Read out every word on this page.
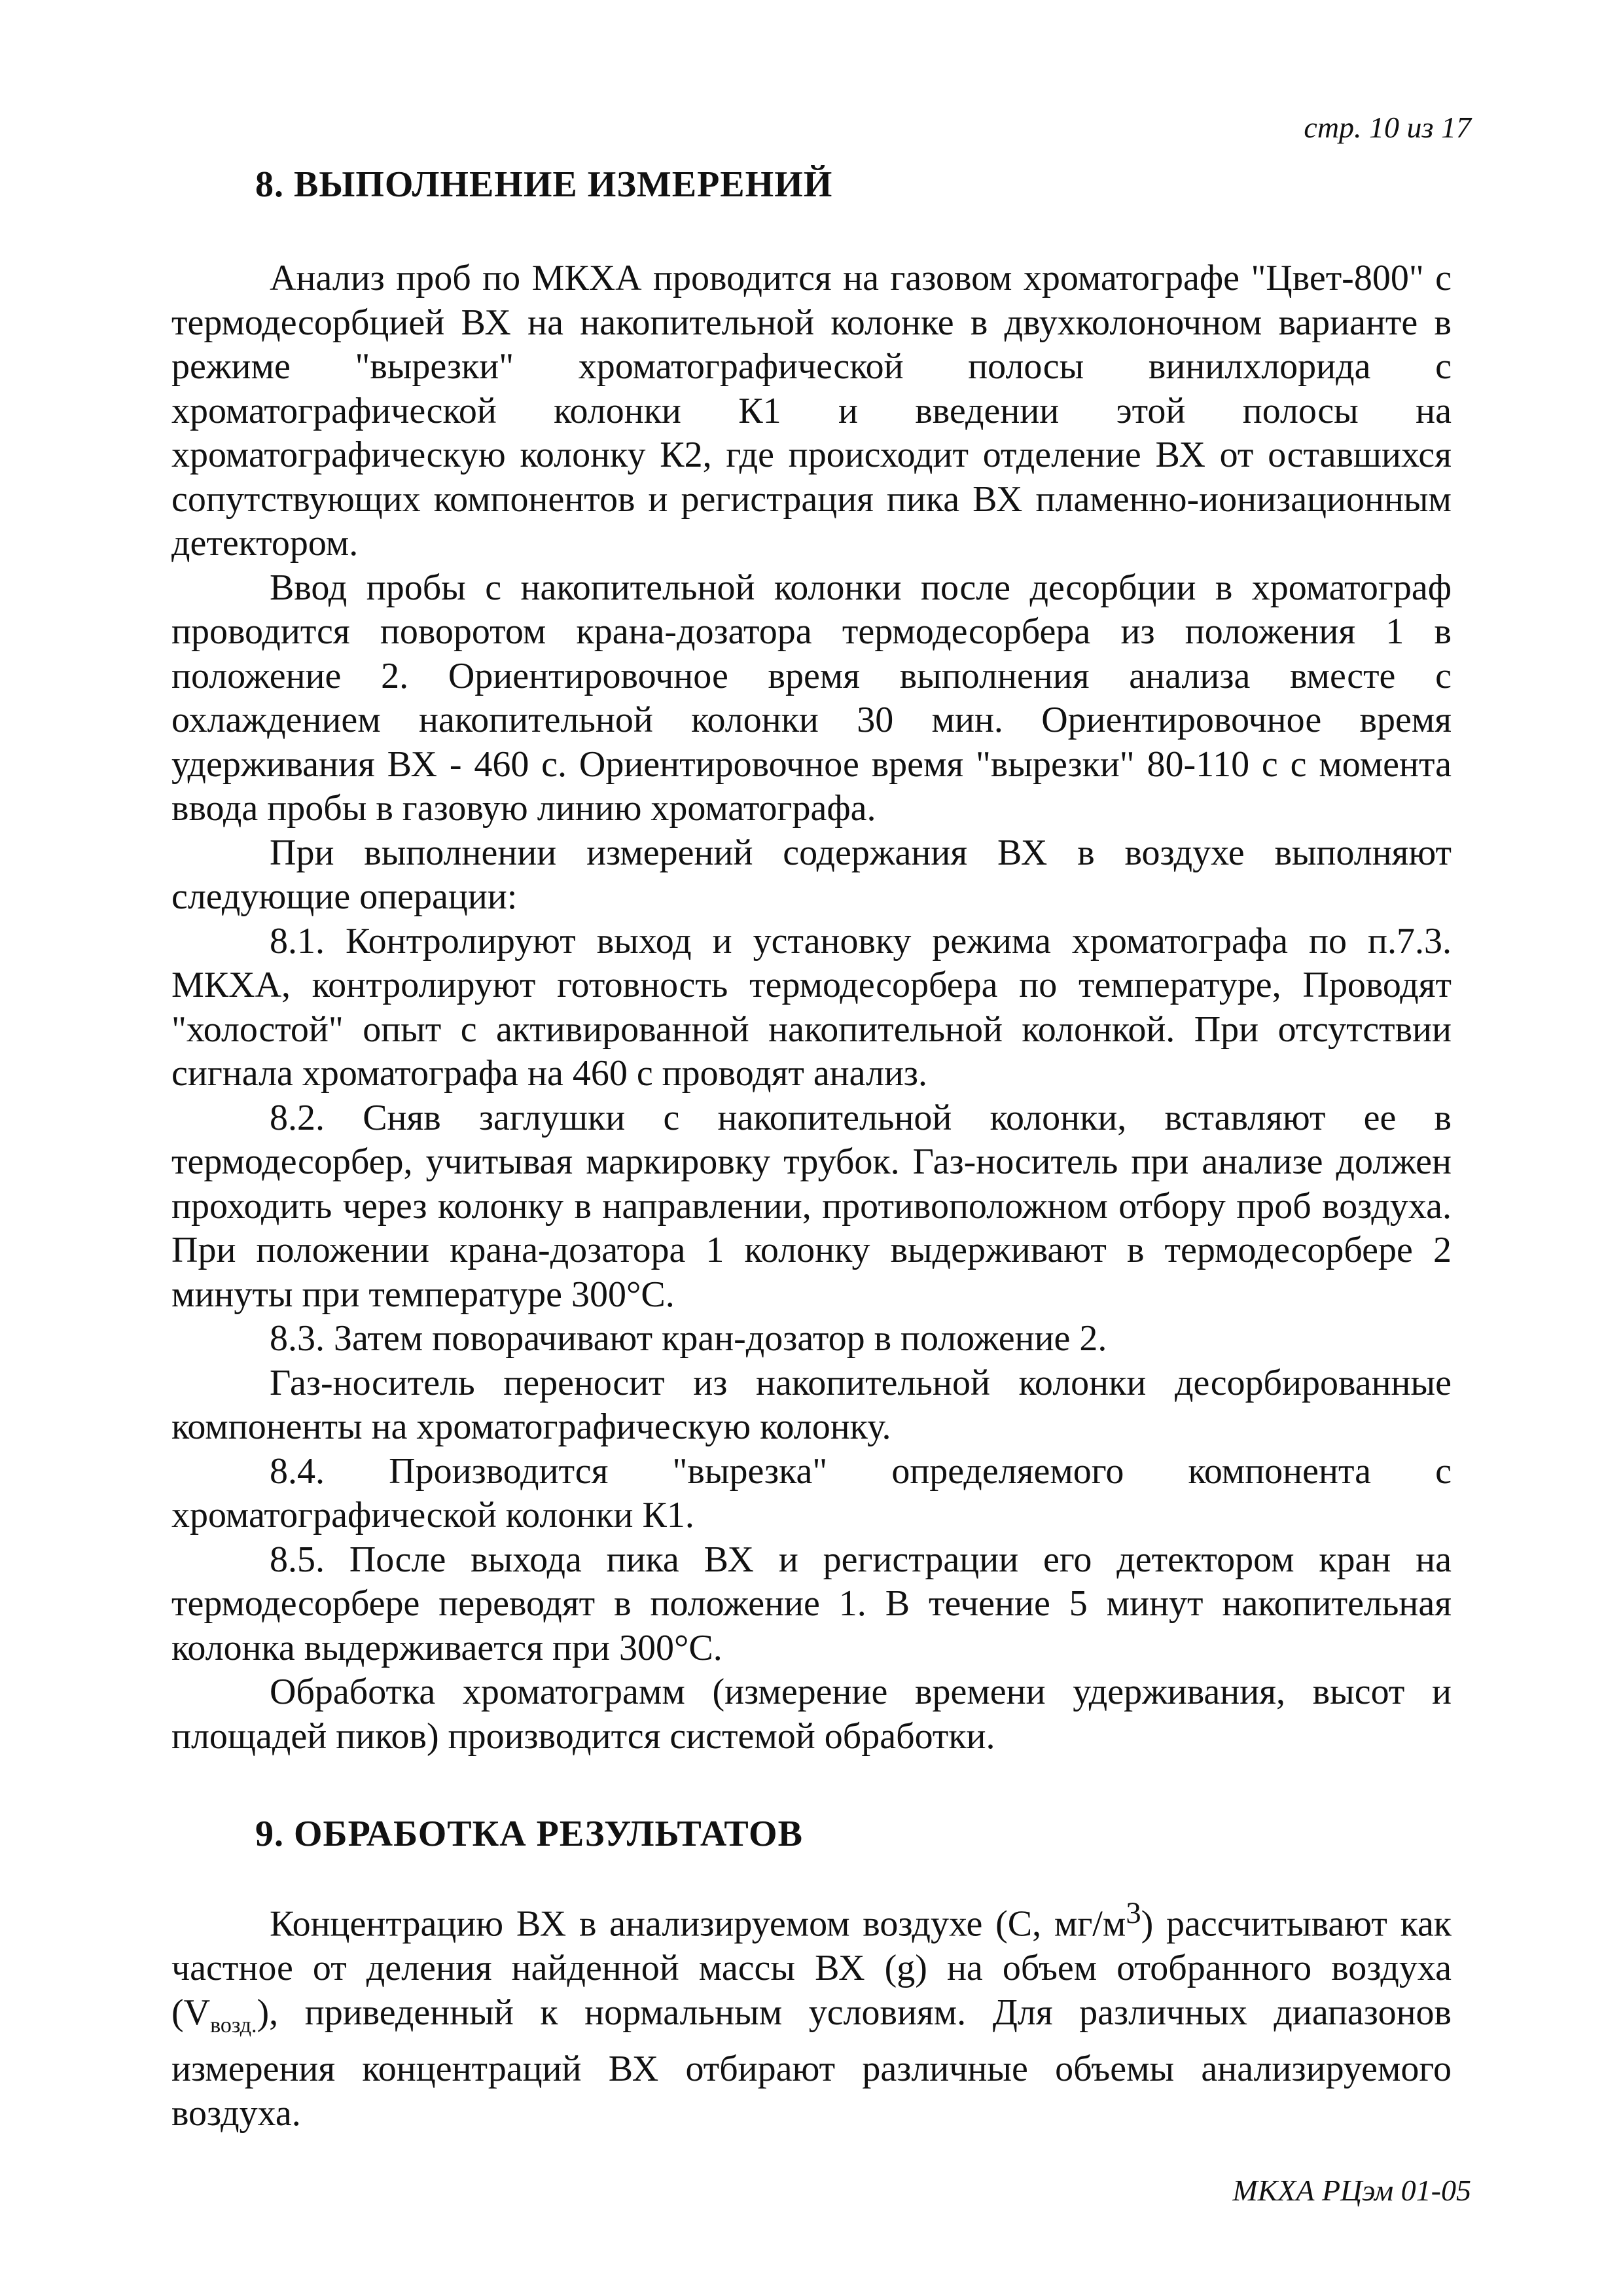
стр. 10 из 17
8. ВЫПОЛНЕНИЕ ИЗМЕРЕНИЙ

Анализ проб по МКХА проводится на газовом хроматографе "Цвет-800" с термодесорбцией ВХ на накопительной колонке в двухколоночном варианте в режиме "вырезки" хроматографической полосы винилхлорида с хроматографической колонки К1 и введении этой полосы на хроматографическую колонку К2, где происходит отделение ВХ от оставшихся сопутствующих компонентов и регистрация пика ВХ пламенно-ионизационным детектором.

Ввод пробы с накопительной колонки после десорбции в хроматограф проводится поворотом крана-дозатора термодесорбера из положения 1 в положение 2. Ориентировочное время выполнения анализа вместе с охлаждением накопительной колонки 30 мин. Ориентировочное время удерживания ВХ - 460 с. Ориентировочное время "вырезки" 80-110 с с момента ввода пробы в газовую линию хроматографа.

При выполнении измерений содержания ВХ в воздухе выполняют следующие операции:

8.1. Контролируют выход и установку режима хроматографа по п.7.3. МКХА, контролируют готовность термодесорбера по температуре, Проводят "холостой" опыт с активированной накопительной колонкой. При отсутствии сигнала хроматографа на 460 с проводят анализ.

8.2. Сняв заглушки с накопительной колонки, вставляют ее в термодесорбер, учитывая маркировку трубок. Газ-носитель при анализе должен проходить через колонку в направлении, противоположном отбору проб воздуха. При положении крана-дозатора 1 колонку выдерживают в термодесорбере 2 минуты при температуре 300°С.

8.3. Затем поворачивают кран-дозатор в положение 2.

Газ-носитель переносит из накопительной колонки десорбированные компоненты на хроматографическую колонку.

8.4. Производится "вырезка" определяемого компонента с хроматографической колонки К1.

8.5. После выхода пика ВХ и регистрации его детектором кран на термодесорбере переводят в положение 1. В течение 5 минут накопительная колонка выдерживается при 300°С.

Обработка хроматограмм (измерение времени удерживания, высот и площадей пиков) производится системой обработки.

9. ОБРАБОТКА РЕЗУЛЬТАТОВ

Концентрацию ВХ в анализируемом воздухе (С, $мг/м^3$) рассчитывают как частное от деления найденной массы ВХ (g) на объем отобранного воздуха $(V_{возд.})$, приведенный к нормальным условиям. Для различных диапазонов измерения концентраций ВХ отбирают различные объемы анализируемого воздуха.

МКХА РЦэм 01-05
